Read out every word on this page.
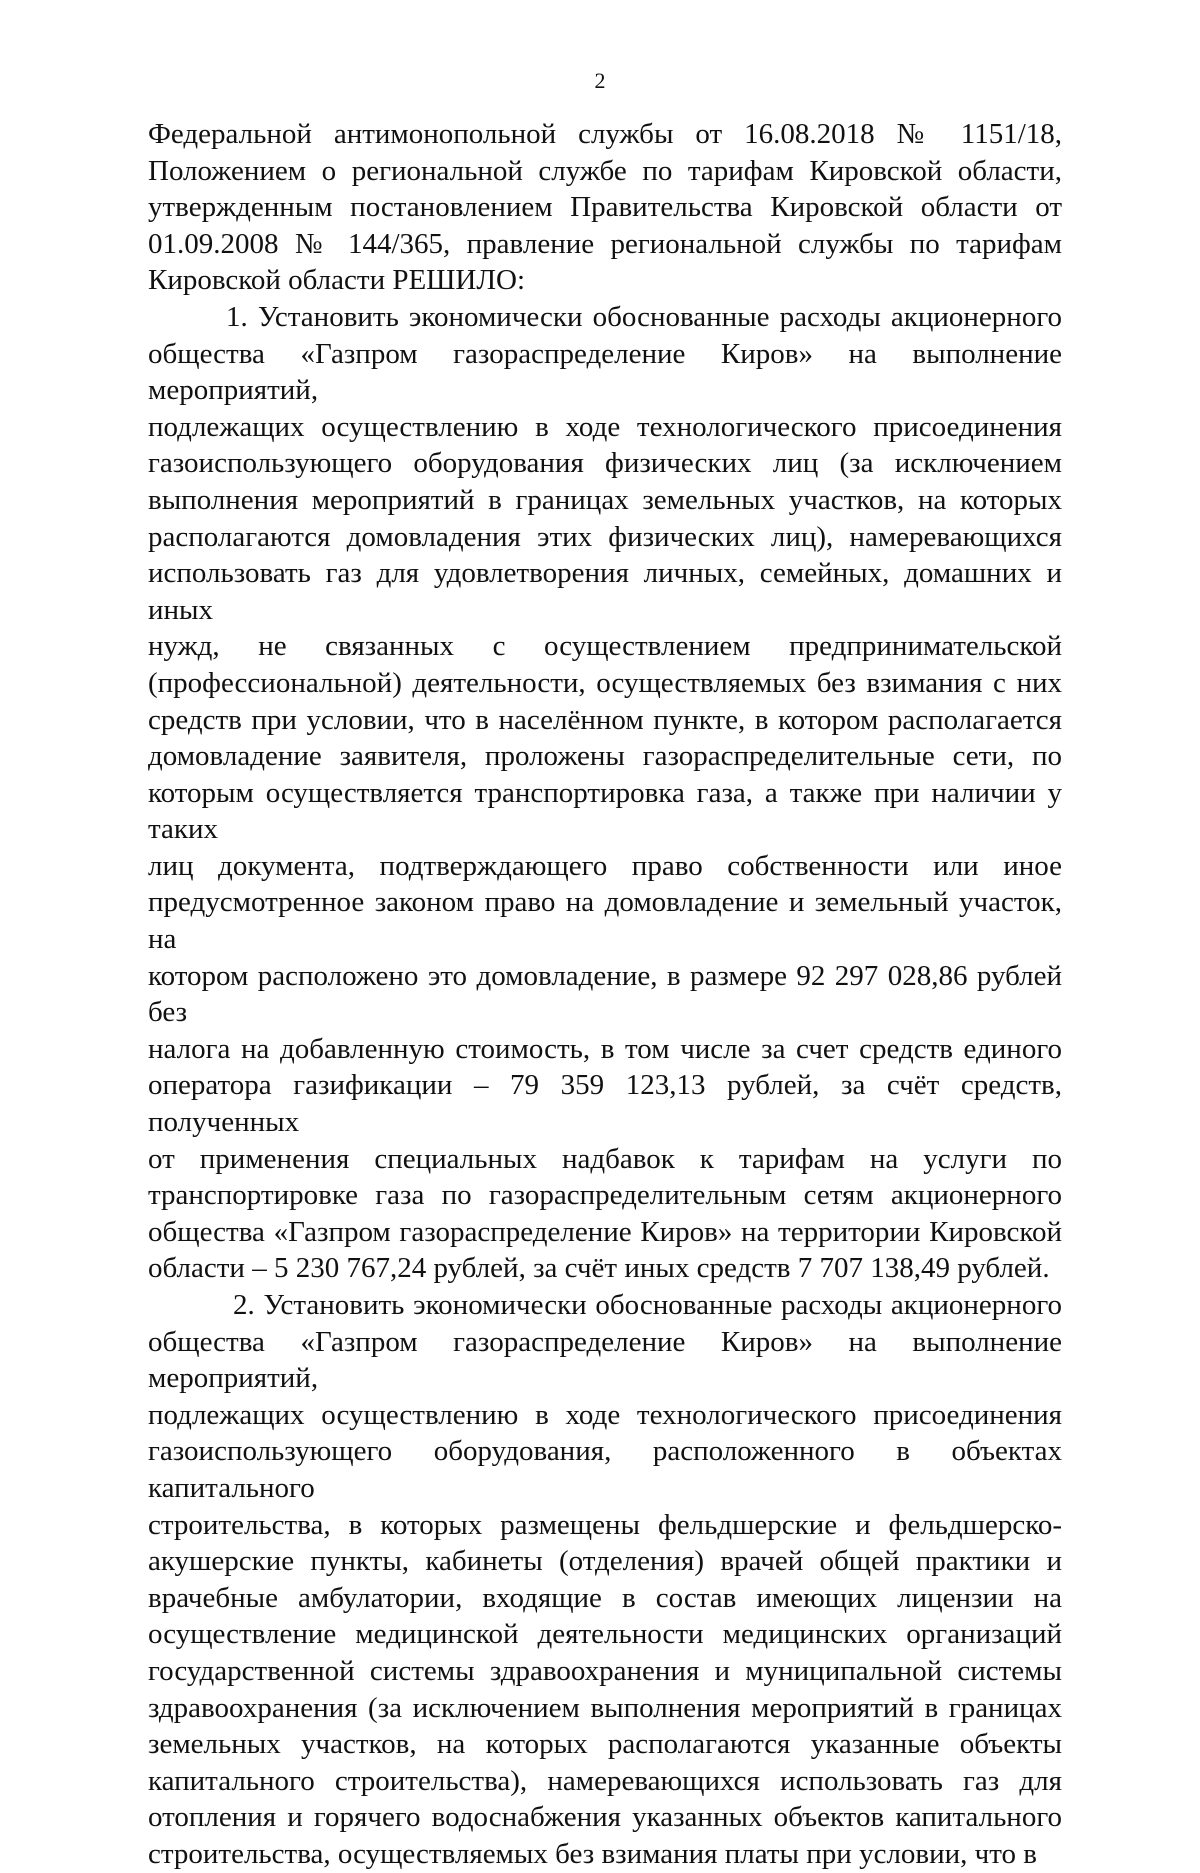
2
Федеральной антимонопольной службы от 16.08.2018 № 1151/18,
Положением о региональной службе по тарифам Кировской области,
утвержденным постановлением Правительства Кировской области от
01.09.2008 № 144/365, правление региональной службы по тарифам
Кировской области РЕШИЛО:
1. Установить экономически обоснованные расходы акционерного
общества «Газпром газораспределение Киров» на выполнение мероприятий,
подлежащих осуществлению в ходе технологического присоединения
газоиспользующего оборудования физических лиц (за исключением
выполнения мероприятий в границах земельных участков, на которых
располагаются домовладения этих физических лиц), намеревающихся
использовать газ для удовлетворения личных, семейных, домашних и иных
нужд, не связанных с осуществлением предпринимательской
(профессиональной) деятельности, осуществляемых без взимания с них
средств при условии, что в населённом пункте, в котором располагается
домовладение заявителя, проложены газораспределительные сети, по
которым осуществляется транспортировка газа, а также при наличии у таких
лиц документа, подтверждающего право собственности или иное
предусмотренное законом право на домовладение и земельный участок, на
котором расположено это домовладение, в размере 92 297 028,86 рублей без
налога на добавленную стоимость, в том числе за счет средств единого
оператора газификации – 79 359 123,13 рублей, за счёт средств, полученных
от применения специальных надбавок к тарифам на услуги по
транспортировке газа по газораспределительным сетям акционерного
общества «Газпром газораспределение Киров» на территории Кировской
области – 5 230 767,24 рублей, за счёт иных средств 7 707 138,49 рублей.
2. Установить экономически обоснованные расходы акционерного
общества «Газпром газораспределение Киров» на выполнение мероприятий,
подлежащих осуществлению в ходе технологического присоединения
газоиспользующего оборудования, расположенного в объектах капитального
строительства, в которых размещены фельдшерские и фельдшерско-
акушерские пункты, кабинеты (отделения) врачей общей практики и
врачебные амбулатории, входящие в состав имеющих лицензии на
осуществление медицинской деятельности медицинских организаций
государственной системы здравоохранения и муниципальной системы
здравоохранения (за исключением выполнения мероприятий в границах
земельных участков, на которых располагаются указанные объекты
капитального строительства), намеревающихся использовать газ для
отопления и горячего водоснабжения указанных объектов капитального
строительства, осуществляемых без взимания платы при условии, что в
